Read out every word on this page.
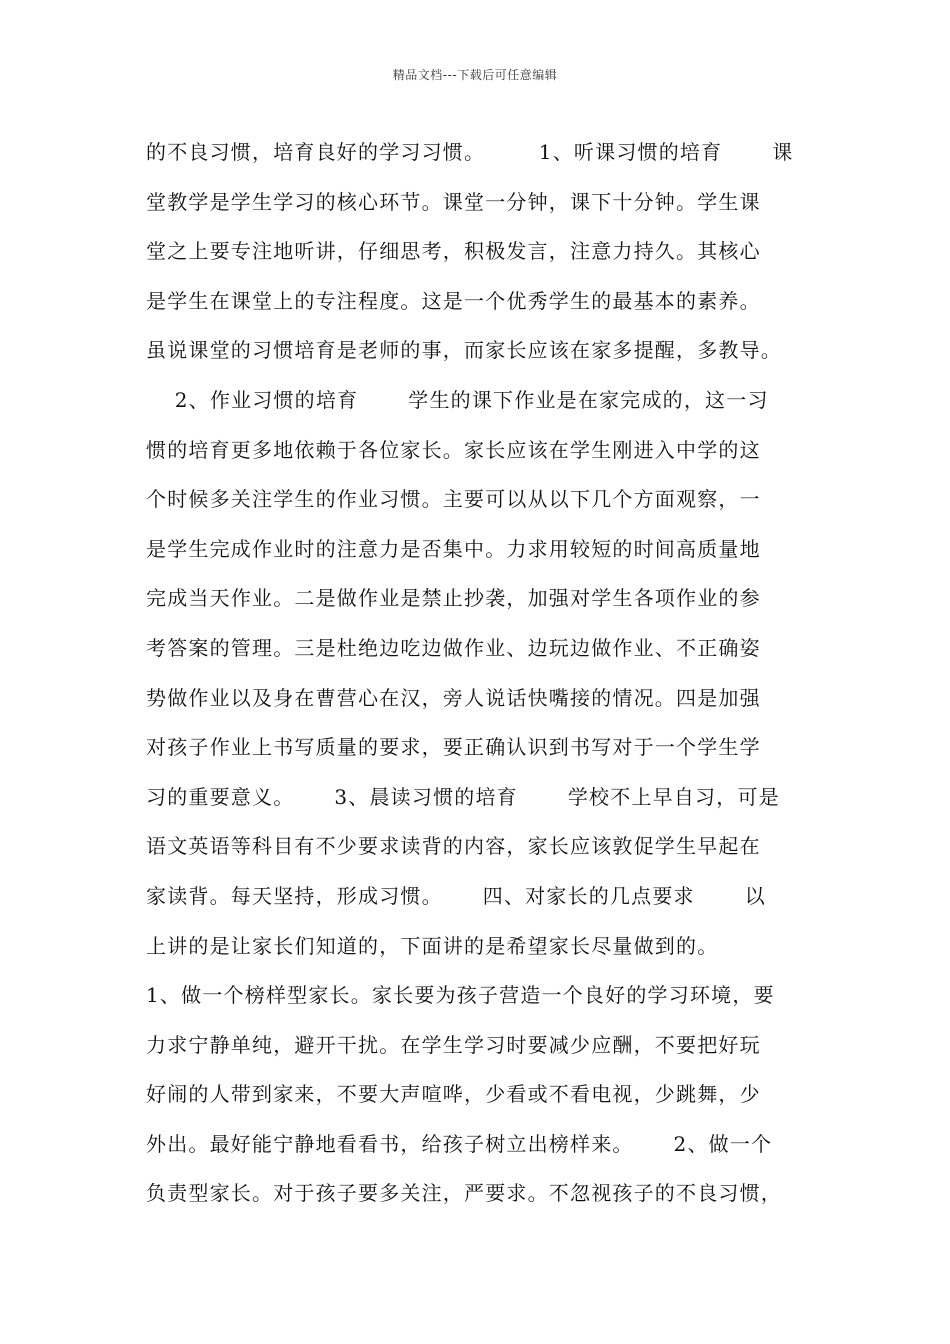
精品文档---下载后可任意编辑
的不良习惯，培育良好的学习习惯。　　　1、听课习惯的培育　　 课
堂教学是学生学习的核心环节。课堂一分钟，课下十分钟。学生课
堂之上要专注地听讲，仔细思考，积极发言，注意力持久。其核心
是学生在课堂上的专注程度。这是一个优秀学生的最基本的素养。
虽说课堂的习惯培育是老师的事，而家长应该在家多提醒，多教导。
　 2、作业习惯的培育　　 学生的课下作业是在家完成的，这一习
惯的培育更多地依赖于各位家长。家长应该在学生刚进入中学的这
个时候多关注学生的作业习惯。主要可以从以下几个方面观察，一
是学生完成作业时的注意力是否集中。力求用较短的时间高质量地
完成当天作业。二是做作业是禁止抄袭，加强对学生各项作业的参
考答案的管理。三是杜绝边吃边做作业、边玩边做作业、不正确姿
势做作业以及身在曹营心在汉，旁人说话快嘴接的情况。四是加强
对孩子作业上书写质量的要求，要正确认识到书写对于一个学生学
习的重要意义。　　 3、晨读习惯的培育　　 学校不上早自习，可是
语文英语等科目有不少要求读背的内容，家长应该敦促学生早起在
家读背。每天坚持，形成习惯。　　 四、对家长的几点要求　　 以
上讲的是让家长们知道的，下面讲的是希望家长尽量做到的。
1、做一个榜样型家长。家长要为孩子营造一个良好的学习环境，要
力求宁静单纯，避开干扰。在学生学习时要减少应酬，不要把好玩
好闹的人带到家来，不要大声喧哗，少看或不看电视，少跳舞，少
外出。最好能宁静地看看书，给孩子树立出榜样来。　　 2、做一个
负责型家长。对于孩子要多关注，严要求。不忽视孩子的不良习惯，
